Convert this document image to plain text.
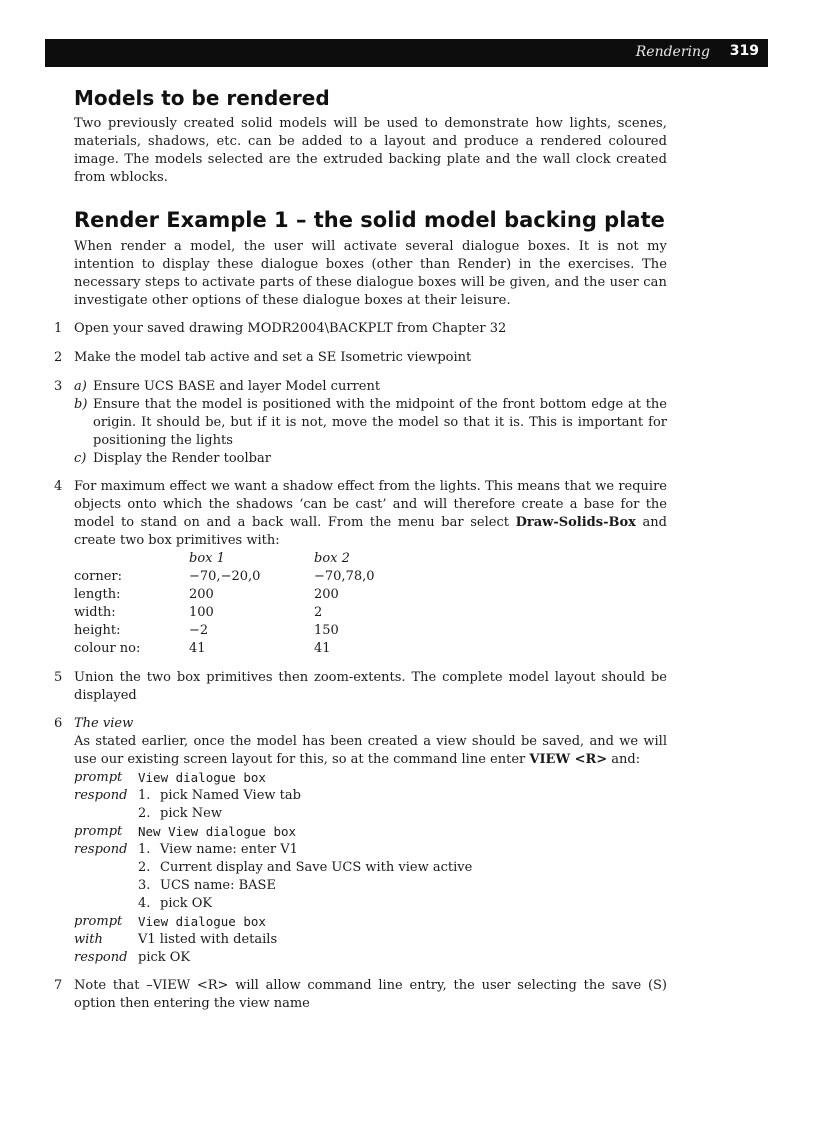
Rendering 319
Models to be rendered

Two previously created solid models will be used to demonstrate how lights, scenes, materials, shadows, etc. can be added to a layout and produce a rendered coloured image. The models selected are the extruded backing plate and the wall clock created from wblocks.

Render Example 1 – the solid model backing plate

When render a model, the user will activate several dialogue boxes. It is not my intention to display these dialogue boxes (other than Render) in the exercises. The necessary steps to activate parts of these dialogue boxes will be given, and the user can investigate other options of these dialogue boxes at their leisure.

1 Open your saved drawing MODR2004\BACKPLT from Chapter 32
2 Make the model tab active and set a SE Isometric viewpoint
3 a) Ensure UCS BASE and layer Model current
b) Ensure that the model is positioned with the midpoint of the front bottom edge at the origin. It should be, but if it is not, move the model so that it is. This is important for positioning the lights
c) Display the Render toolbar
4 For maximum effect we want a shadow effect from the lights. This means that we require objects onto which the shadows ‘can be cast’ and will therefore create a base for the model to stand on and a back wall. From the menu bar select Draw-Solids-Box and create two box primitives with:
	box 1	box 2
corner:	−70,−20,0	−70,78,0
length:	200	200
width:	100	2
height:	−2	150
colour no:	41	41
5 Union the two box primitives then zoom-extents. The complete model layout should be displayed
6 The view
As stated earlier, once the model has been created a view should be saved, and we will use our existing screen layout for this, so at the command line enter VIEW <R> and:
prompt	View dialogue box
respond	1. pick Named View tab
2. pick New

prompt	New View dialogue box
respond	1. View name: enter V1
2. Current display and Save UCS with view active
3. UCS name: BASE
4. pick OK

prompt	View dialogue box
with	V1 listed with details
respond	pick OK
7 Note that –VIEW <R> will allow command line entry, the user selecting the save (S) option then entering the view name
